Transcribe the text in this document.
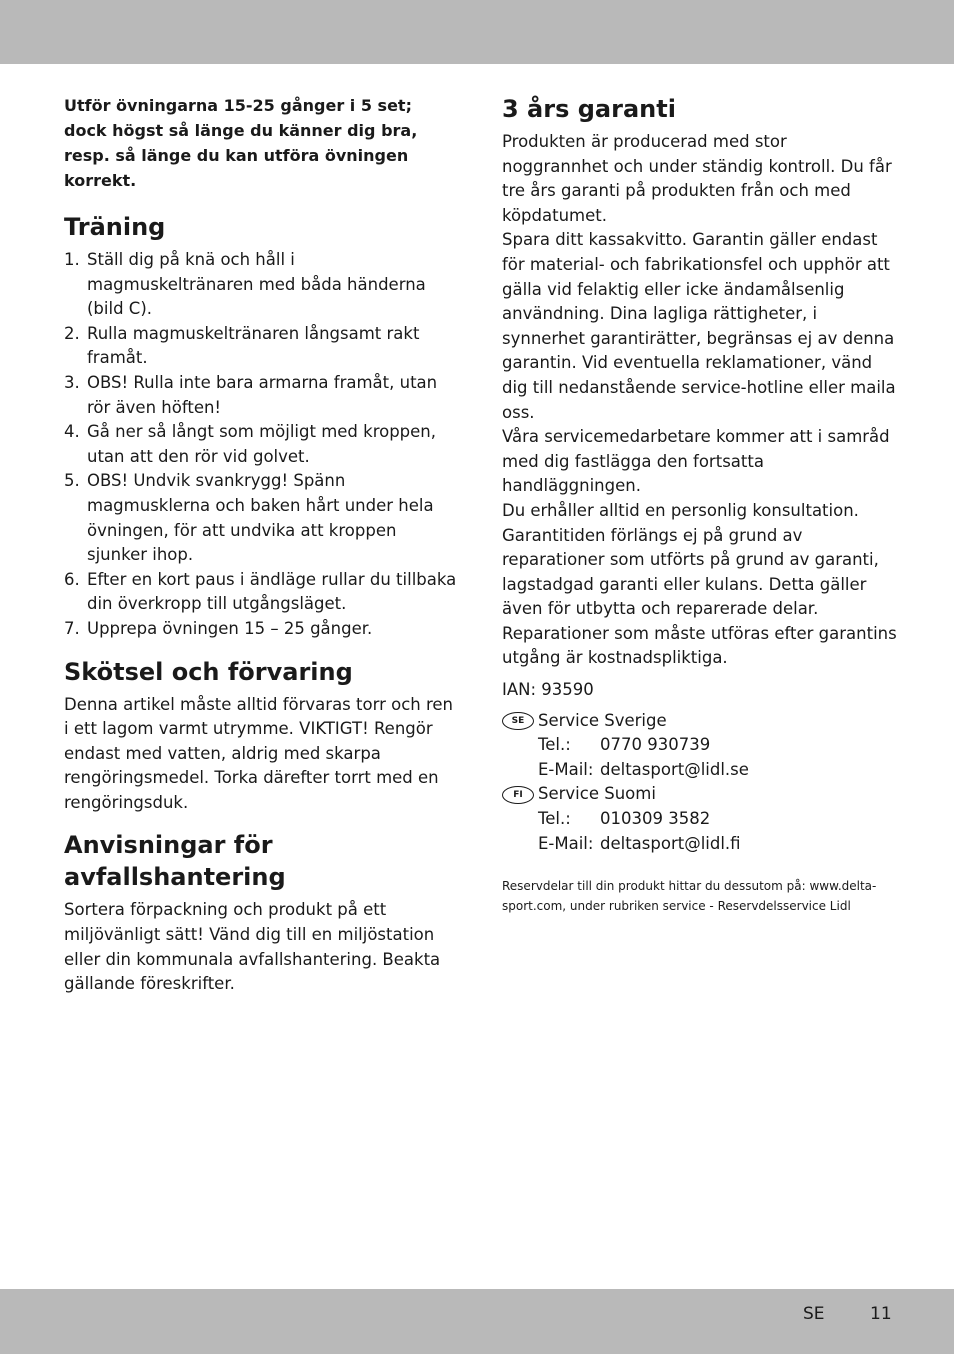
Utför övningarna 15-25 gånger i 5 set; dock högst så länge du känner dig bra, resp. så länge du kan utföra övningen korrekt.

Träning
1. Ställ dig på knä och håll i magmuskeltränaren med båda händerna (bild C).
2. Rulla magmuskeltränaren långsamt rakt framåt.
3. OBS! Rulla inte bara armarna framåt, utan rör även höften!
4. Gå ner så långt som möjligt med kroppen, utan att den rör vid golvet.
5. OBS! Undvik svankrygg! Spänn magmusklerna och baken hårt under hela övningen, för att undvika att kroppen sjunker ihop.
6. Efter en kort paus i ändläge rullar du tillbaka din överkropp till utgångsläget.
7. Upprepa övningen 15 – 25 gånger.
Skötsel och förvaring

Denna artikel måste alltid förvaras torr och ren i ett lagom varmt utrymme. VIKTIGT! Rengör endast med vatten, aldrig med skarpa rengöringsmedel. Torka därefter torrt med en rengöringsduk.

Anvisningar för avfallshantering

Sortera förpackning och produkt på ett miljövänligt sätt! Vänd dig till en miljöstation eller din kommunala avfallshantering. Beakta gällande föreskrifter.

3 års garanti

Produkten är producerad med stor noggrannhet och under ständig kontroll. Du får tre års garanti på produkten från och med köpdatumet.

Spara ditt kassakvitto. Garantin gäller endast för material- och fabrikationsfel och upphör att gälla vid felaktig eller icke ändamålsenlig användning. Dina lagliga rättigheter, i synnerhet garantirätter, begränsas ej av denna garantin. Vid eventuella reklamationer, vänd dig till nedanstående service-hotline eller maila oss.

Våra servicemedarbetare kommer att i samråd med dig fastlägga den fortsatta handläggningen.

Du erhåller alltid en personlig konsultation. Garantitiden förlängs ej på grund av reparationer som utförts på grund av garanti, lagstadgad garanti eller kulans. Detta gäller även för utbytta och reparerade delar. Reparationer som måste utföras efter garantins utgång är kostnadspliktiga.

IAN: 93590

SE Service Sverige
Tel.: 0770 930739
E-Mail: deltasport@lidl.se
FI Service Suomi
Tel.: 010309 3582
E-Mail: deltasport@lidl.fi

Reservdelar till din produkt hittar du dessutom på: www.delta-sport.com, under rubriken service - Reservdelsservice Lidl

SE	11
